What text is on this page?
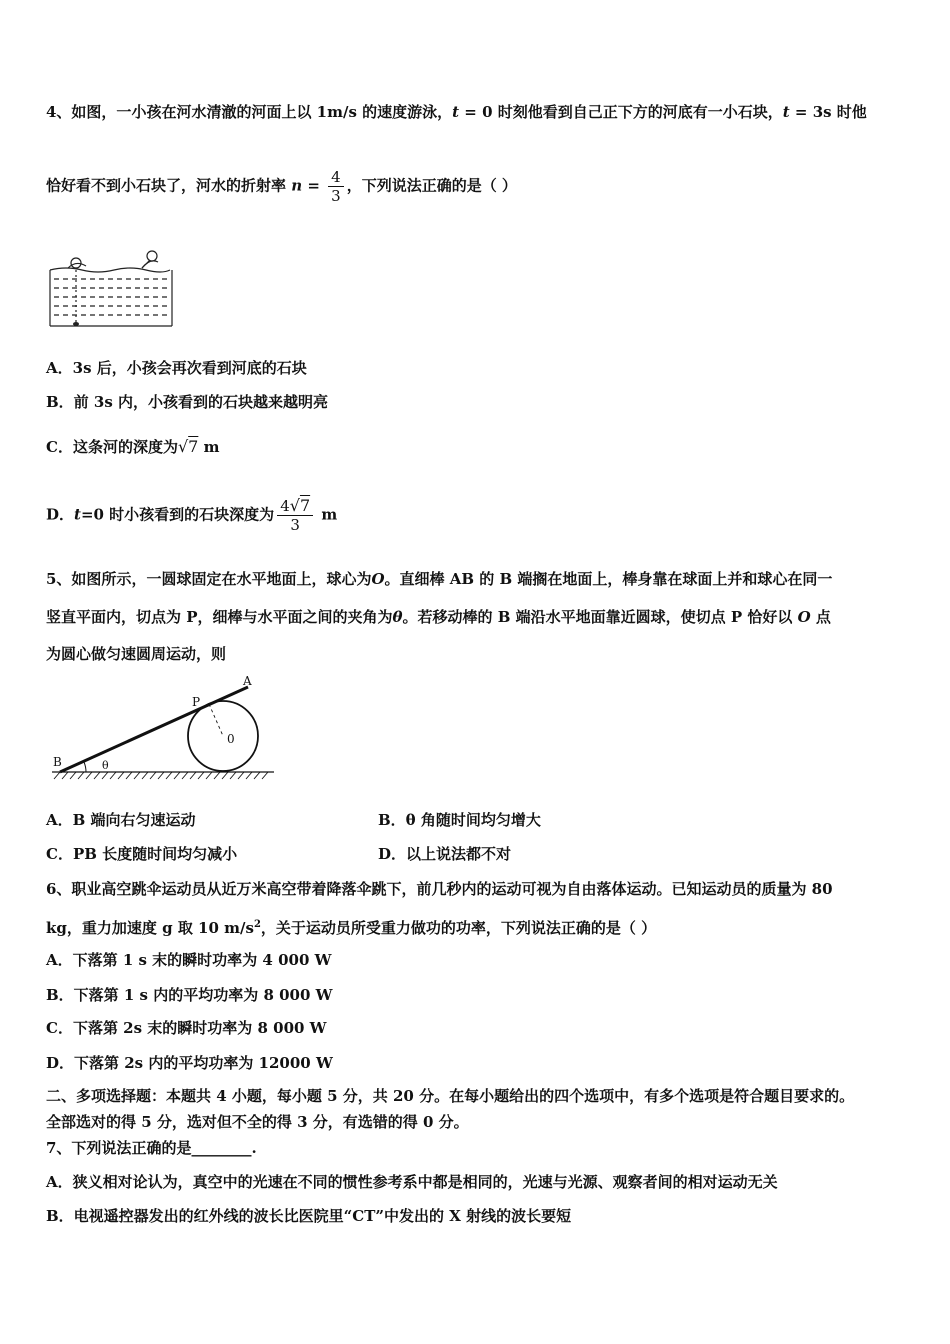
4、如图，一小孩在河水清澈的河面上以 1m/s 的速度游泳，t = 0 时刻他看到自己正下方的河底有一小石块，t = 3s 时他
恰好看不到小石块了，河水的折射率 $n = \frac{4}{3}$ ，下列说法正确的是（ ）
A．3s 后，小孩会再次看到河底的石块
B．前 3s 内，小孩看到的石块越来越明亮
C．这条河的深度为√7 m
D．t=0 时小孩看到的石块深度为 $\frac{4√7}{3}$ m
5、如图所示，一圆球固定在水平地面上，球心为O。直细棒 AB 的 B 端搁在地面上，棒身靠在球面上并和球心在同一
竖直平面内，切点为 P，细棒与水平面之间的夹角为θ。若移动棒的 B 端沿水平地面靠近圆球，使切点 P 恰好以 O 点
为圆心做匀速圆周运动，则
A
P
0
B	θ
A．B 端向右匀速运动	B．θ 角随时间均匀增大
C．PB 长度随时间均匀减小	D．以上说法都不对
6、职业高空跳伞运动员从近万米高空带着降落伞跳下，前几秒内的运动可视为自由落体运动。已知运动员的质量为 80
kg，重力加速度 g 取 10 $m/s^2$，关于运动员所受重力做功的功率，下列说法正确的是（ ）
A．下落第 1 s 末的瞬时功率为 4 000 W
B．下落第 1 s 内的平均功率为 8 000 W
C．下落第 2s 末的瞬时功率为 8 000 W
D．下落第 2s 内的平均功率为 12000 W
二、多项选择题：本题共 4 小题，每小题 5 分，共 20 分。在每小题给出的四个选项中，有多个选项是符合题目要求的。
全部选对的得 5 分，选对但不全的得 3 分，有选错的得 0 分。
7、下列说法正确的是________.
A．狭义相对论认为，真空中的光速在不同的惯性参考系中都是相同的，光速与光源、观察者间的相对运动无关
B．电视遥控器发出的红外线的波长比医院里“CT”中发出的 X 射线的波长要短
